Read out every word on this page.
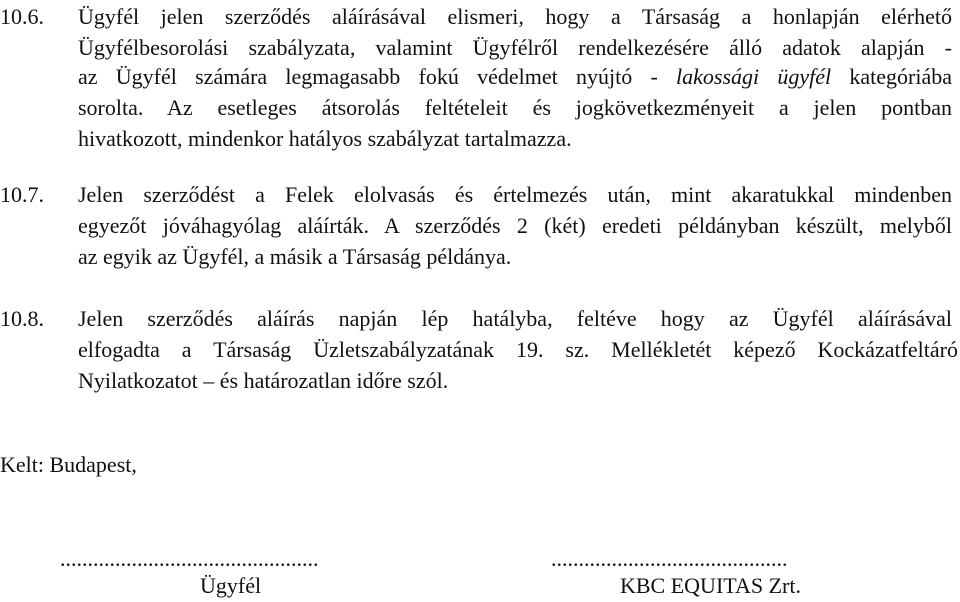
10.6. Ügyfél jelen szerződés aláírásával elismeri, hogy a Társaság a honlapján elérhető
Ügyfélbesorolási szabályzata, valamint Ügyfélről rendelkezésére álló adatok alapján -
az Ügyfél számára legmagasabb fokú védelmet nyújtó - lakossági ügyfél kategóriába
sorolta. Az esetleges átsorolás feltételeit és jogkövetkezményeit a jelen pontban
hivatkozott, mindenkor hatályos szabályzat tartalmazza.
10.7. Jelen szerződést a Felek elolvasás és értelmezés után, mint akaratukkal mindenben
egyezőt jóváhagyólag aláírták. A szerződés 2 (két) eredeti példányban készült, melyből
az egyik az Ügyfél, a másik a Társaság példánya.
10.8. Jelen szerződés aláírás napján lép hatályba, feltéve hogy az Ügyfél aláírásával
elfogadta a Társaság Üzletszabályzatának 19. sz. Mellékletét képező Kockázatfeltáró
Nyilatkozatot – és határozatlan időre szól.
Kelt: Budapest,
...............................................
Ügyfél
...........................................
KBC EQUITAS Zrt.
